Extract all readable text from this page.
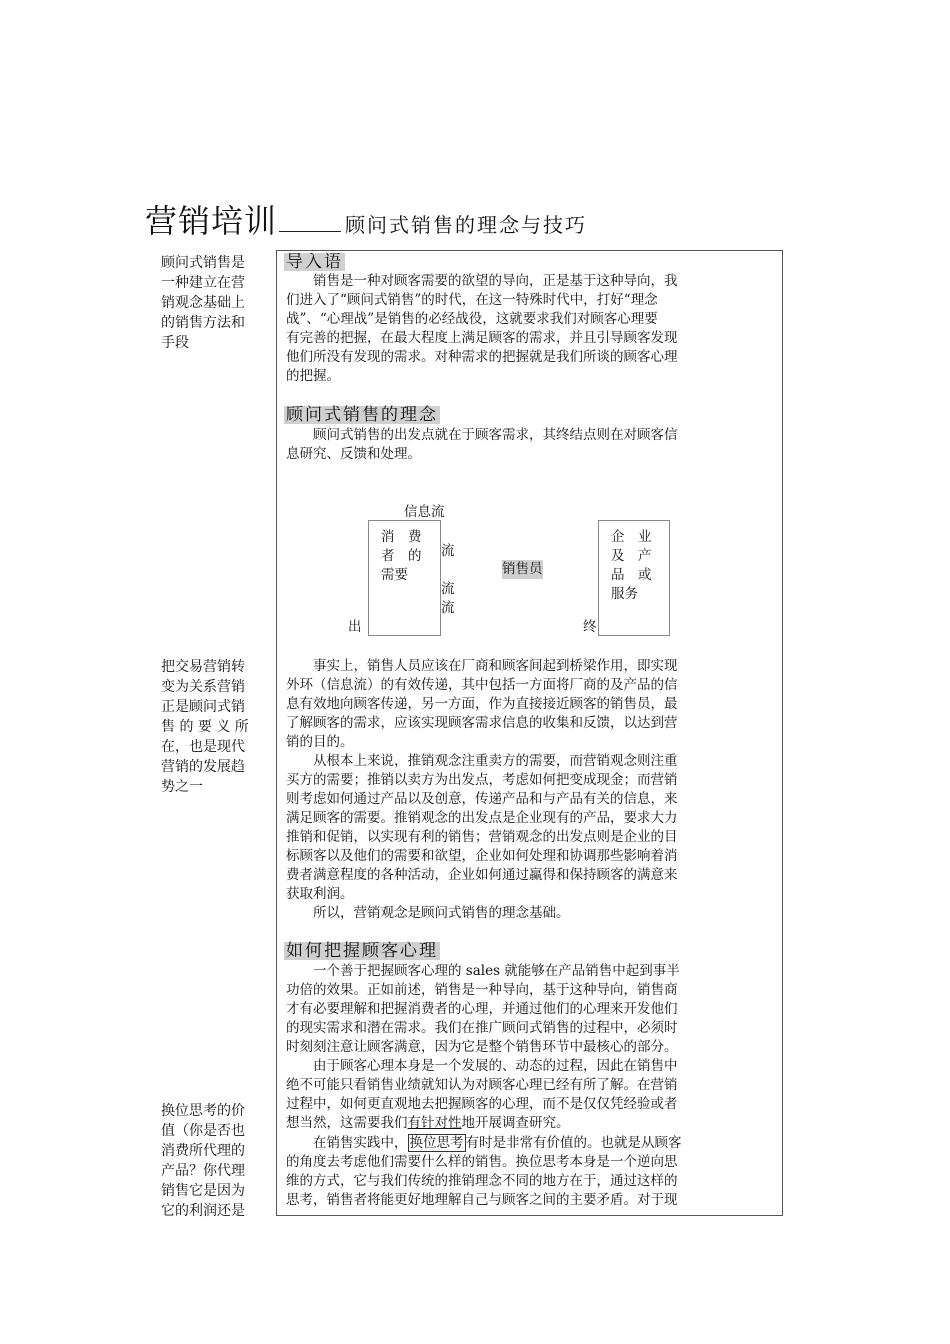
营销培训	顾问式销售的理念与技巧
顾问式销售是
一种建立在营
销观念基础上
的销售方法和
手段
把交易营销转
变为关系营销
正是顾问式销
售 的 要 义 所
在，也是现代
营销的发展趋
势之一
换位思考的价
值（你是否也
消费所代理的
产品？你代理
销售它是因为
它的利润还是
导入语
销售是一种对顾客需要的欲望的导向，正是基于这种导向，我
们进入了“顾问式销售”的时代，在这一特殊时代中，打好“理念
战”、“心理战”是销售的必经战役，这就要求我们对顾客心理要
有完善的把握，在最大程度上满足顾客的需求，并且引导顾客发现
他们所没有发现的需求。对种需求的把握就是我们所谈的顾客心理
的把握。
顾问式销售的理念
顾问式销售的出发点就在于顾客需求，其终结点则在对顾客信
息研究、反馈和处理。
消　费
者　的
需要
企　业
及　产
品　或
服务
信息流
流
流
流
销售员
出	终
事实上，销售人员应该在厂商和顾客间起到桥梁作用，即实现
外环（信息流）的有效传递，其中包括一方面将厂商的及产品的信
息有效地向顾客传递，另一方面，作为直接接近顾客的销售员，最
了解顾客的需求，应该实现顾客需求信息的收集和反馈，以达到营
销的目的。
从根本上来说，推销观念注重卖方的需要，而营销观念则注重
买方的需要；推销以卖方为出发点，考虑如何把变成现金；而营销
则考虑如何通过产品以及创意，传递产品和与产品有关的信息，来
满足顾客的需要。推销观念的出发点是企业现有的产品，要求大力
推销和促销，以实现有利的销售；营销观念的出发点则是企业的目
标顾客以及他们的需要和欲望，企业如何处理和协调那些影响着消
费者满意程度的各种活动，企业如何通过赢得和保持顾客的满意来
获取利润。
所以，营销观念是顾问式销售的理念基础。
如何把握顾客心理
一个善于把握顾客心理的 sales 就能够在产品销售中起到事半
功倍的效果。正如前述，销售是一种导向，基于这种导向，销售商
才有必要理解和把握消费者的心理，并通过他们的心理来开发他们
的现实需求和潜在需求。我们在推广顾问式销售的过程中，必须时
时刻刻注意让顾客满意，因为它是整个销售环节中最核心的部分。
由于顾客心理本身是一个发展的、动态的过程，因此在销售中
绝不可能只看销售业绩就知认为对顾客心理已经有所了解。在营销
过程中，如何更直观地去把握顾客的心理，而不是仅仅凭经验或者
想当然，这需要我们有针对性地开展调查研究。
在销售实践中， 换位思考 有时是非常有价值的。也就是从顾客
的角度去考虑他们需要什么样的销售。换位思考本身是一个逆向思
维的方式，它与我们传统的推销理念不同的地方在于，通过这样的
思考，销售者将能更好地理解自己与顾客之间的主要矛盾。对于现
